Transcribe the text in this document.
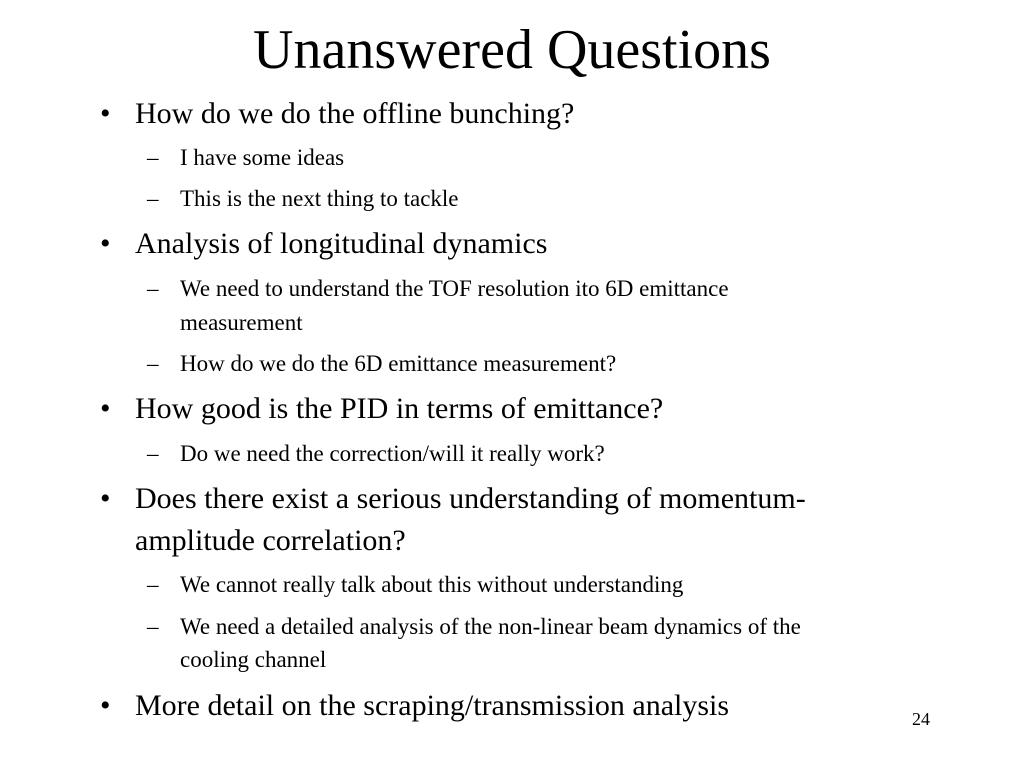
Unanswered Questions
• How do we do the offline bunching?
– I have some ideas
– This is the next thing to tackle
• Analysis of longitudinal dynamics
– We need to understand the TOF resolution ito 6D emittance
measurement
– How do we do the 6D emittance measurement?
• How good is the PID in terms of emittance?
– Do we need the correction/will it really work?
• Does there exist a serious understanding of momentum-
amplitude correlation?
– We cannot really talk about this without understanding
– We need a detailed analysis of the non-linear beam dynamics of the
cooling channel
• More detail on the scraping/transmission analysis	24
